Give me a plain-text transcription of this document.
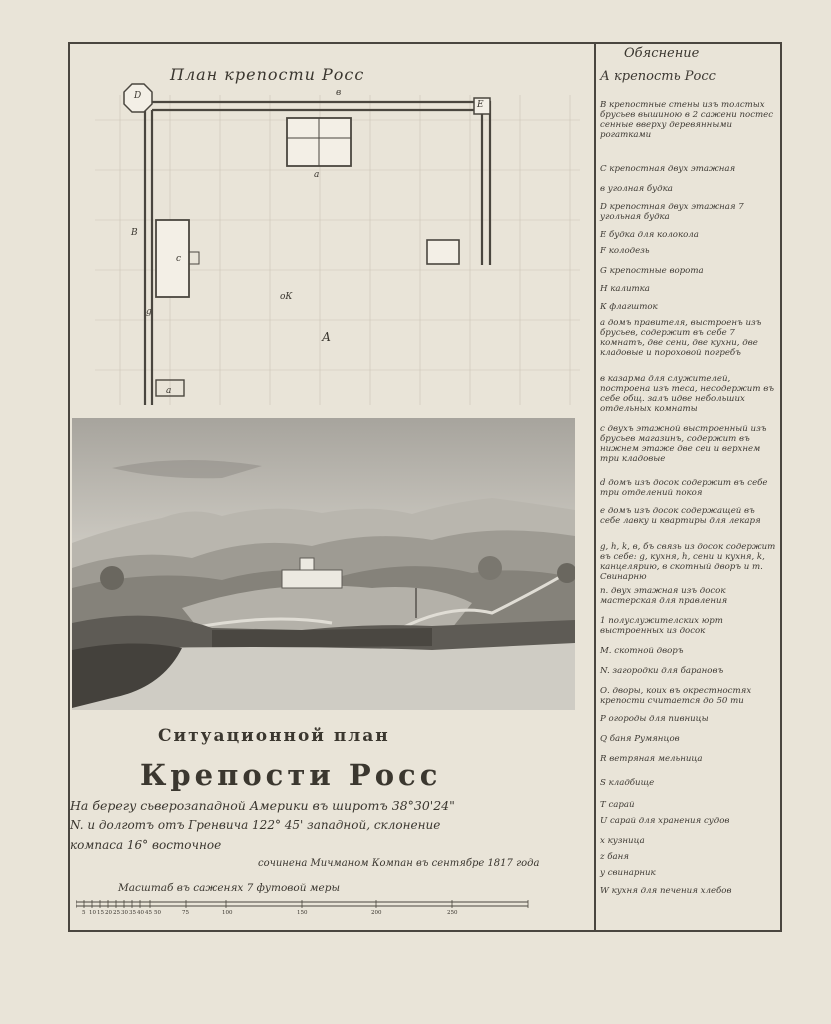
План крепости Росс
D	в
E
а
В
с
оК
g
А
а
Ситуационной план
Крепости Росс
На берегу сьверозападной Америки въ широтъ 38°30'24"
N. и долготъ отъ Гренвича 122° 45' западной, склонение
компаса 16° восточное
сочинена Мичманом Компан въ сентябре 1817 года
Масштаб въ саженях 7 футовой меры
5 10 15 20 25 30 35 40 45 50	75	100	150	200	250
Обяснение
А крепость Росс
В крепостные стены изъ толстых брусьев вышиною в 2 сажени постес сенные вверху деревянными рогатками
С крепостная двух этажная
в уголная будка
D крепостная двух этажная 7 угольная будка
Е будка для колокола
F колодезь
G крепостные ворота
Н калитка
К флагшток
а домъ правителя, выстроенъ изъ брусьев, содержит въ себе 7 комнатъ, две сени, две кухни, две кладовые и пороховой погребъ
в казарма для служителей, построена изъ теса, несодержит въ себе общ. залъ идве небольших отдельных комнаты
с двухъ этажной выстроенный изъ брусьев магазинъ, содержит въ нижнем этаже две сеи и верхнем три кладовые
d домъ изъ досок содержит въ себе три отделений покоя
е домъ изъ досок содержащей въ себе лавку и квартиры для лекаря
g, h, k, в, бъ связь из досок содержит въ себе: g, кухня, h, сени и кухня, k, канцелярию, в скотный дворъ и т. Свинарню
п. двух этажная изъ досок мастерская для правления
1 полуслужителских юрт выстроенных из досок
М. скотной дворъ
N. загородки для барановъ
О. дворы, коих въ окрестностях крепости считается до 50 ти
Р огороды для пивницы
Q баня Румянцов
R ветряная мельница
S кладбище
Т сарай
U сарай для хранения судов
х кузница
z баня
у свинарник
W кухня для печения хлебов
